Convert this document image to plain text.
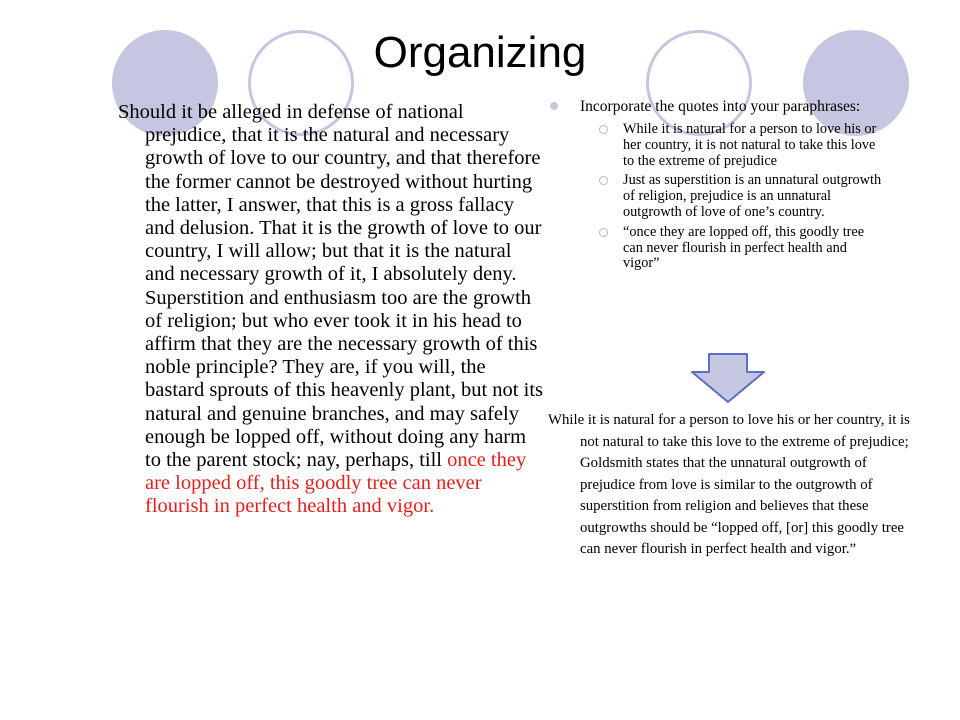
Organizing

Should it be alleged in defense of national prejudice, that it is the natural and necessary growth of love to our country, and that therefore the former cannot be destroyed without hurting the latter, I answer, that this is a gross fallacy and delusion. That it is the growth of love to our country, I will allow; but that it is the natural and necessary growth of it, I absolutely deny. Superstition and enthusiasm too are the growth of religion; but who ever took it in his head to affirm that they are the necessary growth of this noble principle? They are, if you will, the bastard sprouts of this heavenly plant, but not its natural and genuine branches, and may safely enough be lopped off, without doing any harm to the parent stock; nay, perhaps, till once they are lopped off, this goodly tree can never flourish in perfect health and vigor.

Incorporate the quotes into your paraphrases:
While it is natural for a person to love his or her country, it is not natural to take this love to the extreme of prejudice
Just as superstition is an unnatural outgrowth of religion, prejudice is an unnatural outgrowth of love of one’s country.
“once they are lopped off, this goodly tree can never flourish in perfect health and vigor”

While it is natural for a person to love his or her country, it is not natural to take this love to the extreme of prejudice; Goldsmith states that the unnatural outgrowth of prejudice from love is similar to the outgrowth of superstition from religion and believes that these outgrowths should be “lopped off, [or] this goodly tree can never flourish in perfect health and vigor.”
